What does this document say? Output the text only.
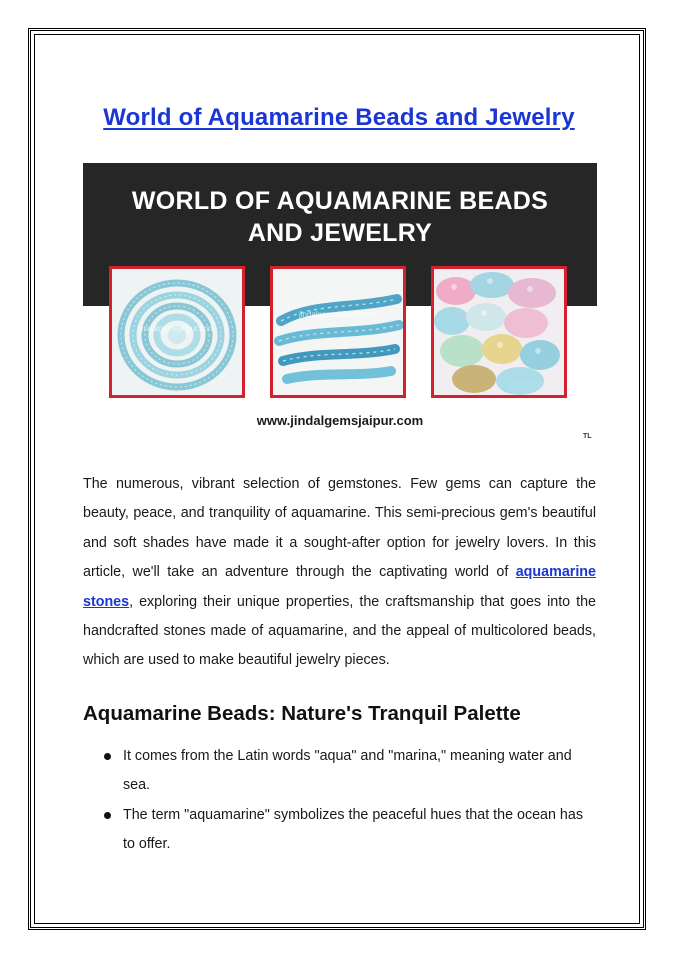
World of Aquamarine Beads and Jewelry
WORLD OF AQUAMARINE BEADS
AND JEWELRY
jindalgemsjaipur.com
jindalgemsjaipur.com
www.jindalgemsjaipur.com
TL
The numerous, vibrant selection of gemstones. Few gems can capture the beauty, peace, and tranquility of aquamarine. This semi-precious gem's beautiful and soft shades have made it a sought-after option for jewelry lovers. In this article, we'll take an adventure through the captivating world of aquamarine stones, exploring their unique properties, the craftsmanship that goes into the handcrafted stones made of aquamarine, and the appeal of multicolored beads, which are used to make beautiful jewelry pieces.
Aquamarine Beads: Nature's Tranquil Palette
It comes from the Latin words "aqua" and "marina," meaning water and sea.
The term "aquamarine" symbolizes the peaceful hues that the ocean has to offer.
